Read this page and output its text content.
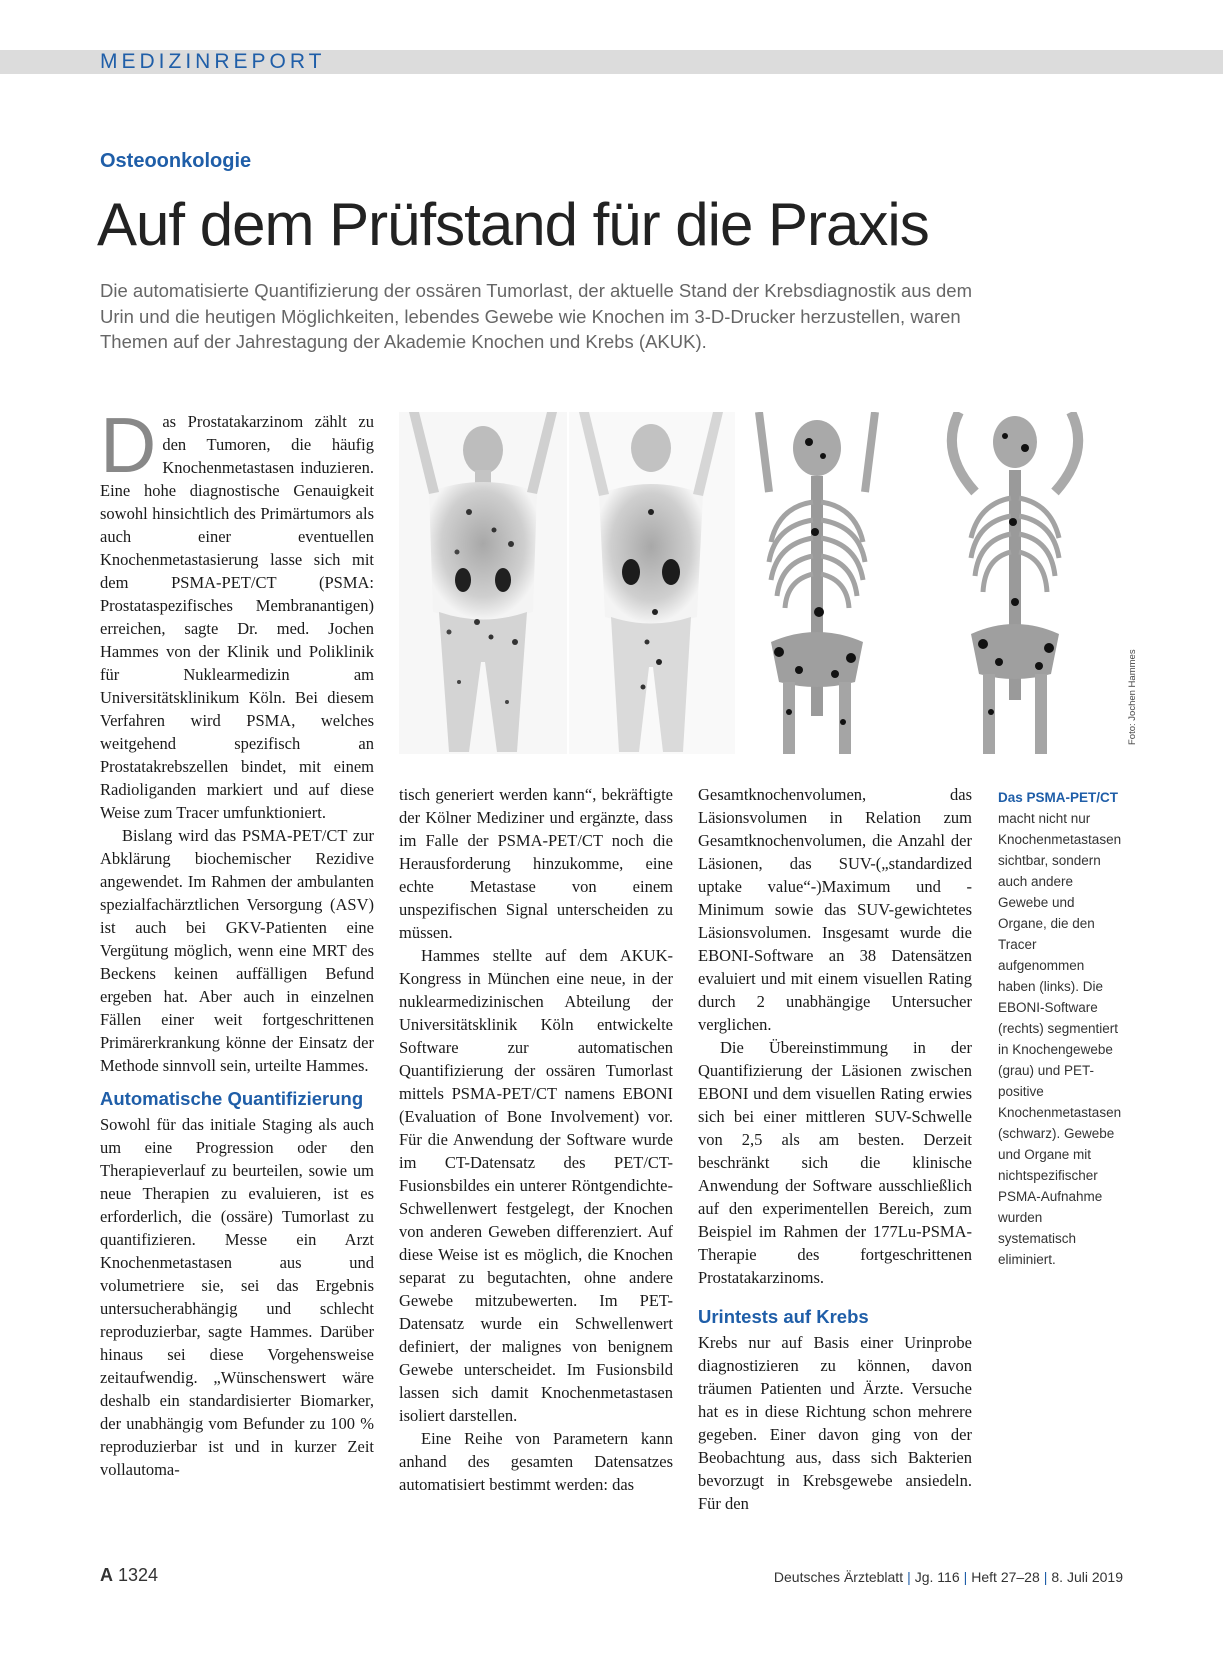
MEDIZINREPORT
Osteoonkologie
Auf dem Prüfstand für die Praxis
Die automatisierte Quantifizierung der ossären Tumorlast, der aktuelle Stand der Krebsdiagnostik aus dem Urin und die heutigen Möglichkeiten, lebendes Gewebe wie Knochen im 3-D-Drucker herzustellen, waren Themen auf der Jahrestagung der Akademie Knochen und Krebs (AKUK).

Das Prostatakarzinom zählt zu den Tumoren, die häufig Knochenmetastasen induzieren. Eine hohe diagnostische Genauigkeit sowohl hinsichtlich des Primärtumors als auch einer eventuellen Knochenmetastasierung lasse sich mit dem PSMA-PET/CT (PSMA: Prostataspezifisches Membranantigen) erreichen, sagte Dr. med. Jochen Hammes von der Klinik und Poliklinik für Nuklearmedizin am Universitätsklinikum Köln. Bei diesem Verfahren wird PSMA, welches weitgehend spezifisch an Prostatakrebszellen bindet, mit einem Radioliganden markiert und auf diese Weise zum Tracer umfunktioniert.

Bislang wird das PSMA-PET/CT zur Abklärung biochemischer Rezidive angewendet. Im Rahmen der ambulanten spezialfachärztlichen Versorgung (ASV) ist auch bei GKV-Patienten eine Vergütung möglich, wenn eine MRT des Beckens keinen auffälligen Befund ergeben hat. Aber auch in einzelnen Fällen einer weit fortgeschrittenen Primärerkrankung könne der Einsatz der Methode sinnvoll sein, urteilte Hammes.

Automatische Quantifizierung

Sowohl für das initiale Staging als auch um eine Progression oder den Therapieverlauf zu beurteilen, sowie um neue Therapien zu evaluieren, ist es erforderlich, die (ossäre) Tumorlast zu quantifizieren. Messe ein Arzt Knochenmetastasen aus und volumetriere sie, sei das Ergebnis untersucherabhängig und schlecht reproduzierbar, sagte Hammes. Darüber hinaus sei diese Vorgehensweise zeitaufwendig. „Wünschenswert wäre deshalb ein standardisierter Biomarker, der unabhängig vom Befunder zu 100 % reproduzierbar ist und in kurzer Zeit vollautoma-

Foto: Jochen Hammes

tisch generiert werden kann“, bekräftigte der Kölner Mediziner und ergänzte, dass im Falle der PSMA-PET/CT noch die Herausforderung hinzukomme, eine echte Metastase von einem unspezifischen Signal unterscheiden zu müssen.

Hammes stellte auf dem AKUK-Kongress in München eine neue, in der nuklearmedizinischen Abteilung der Universitätsklinik Köln entwickelte Software zur automatischen Quantifizierung der ossären Tumorlast mittels PSMA-PET/CT namens EBONI (Evaluation of Bone Involvement) vor. Für die Anwendung der Software wurde im CT-Datensatz des PET/CT-Fusionsbildes ein unterer Röntgendichte-Schwellenwert festgelegt, der Knochen von anderen Geweben differenziert. Auf diese Weise ist es möglich, die Knochen separat zu begutachten, ohne andere Gewebe mitzubewerten. Im PET-Datensatz wurde ein Schwellenwert definiert, der malignes von benignem Gewebe unterscheidet. Im Fusionsbild lassen sich damit Knochenmetastasen isoliert darstellen.

Eine Reihe von Parametern kann anhand des gesamten Datensatzes automatisiert bestimmt werden: das

Gesamtknochenvolumen, das Läsionsvolumen in Relation zum Gesamtknochenvolumen, die Anzahl der Läsionen, das SUV-(„standardized uptake value“-)Maximum und -Minimum sowie das SUV-gewichtetes Läsionsvolumen. Insgesamt wurde die EBONI-Software an 38 Datensätzen evaluiert und mit einem visuellen Rating durch 2 unabhängige Untersucher verglichen.

Die Übereinstimmung in der Quantifizierung der Läsionen zwischen EBONI und dem visuellen Rating erwies sich bei einer mittleren SUV-Schwelle von 2,5 als am besten. Derzeit beschränkt sich die klinische Anwendung der Software ausschließlich auf den experimentellen Bereich, zum Beispiel im Rahmen der 177Lu-PSMA-Therapie des fortgeschrittenen Prostatakarzinoms.

Urintests auf Krebs

Krebs nur auf Basis einer Urinprobe diagnostizieren zu können, davon träumen Patienten und Ärzte. Versuche hat es in diese Richtung schon mehrere gegeben. Einer davon ging von der Beobachtung aus, dass sich Bakterien bevorzugt in Krebsgewebe ansiedeln. Für den

Das PSMA-PET/CT macht nicht nur Knochenmetastasen sichtbar, sondern auch andere Gewebe und Organe, die den Tracer aufgenommen haben (links). Die EBONI-Software (rechts) segmentiert in Knochengewebe (grau) und PET-positive Knochenmetastasen (schwarz). Gewebe und Organe mit nichtspezifischer PSMA-Aufnahme wurden systematisch eliminiert.
A 1324	Deutsches Ärzteblatt | Jg. 116 | Heft 27–28 | 8. Juli 2019
